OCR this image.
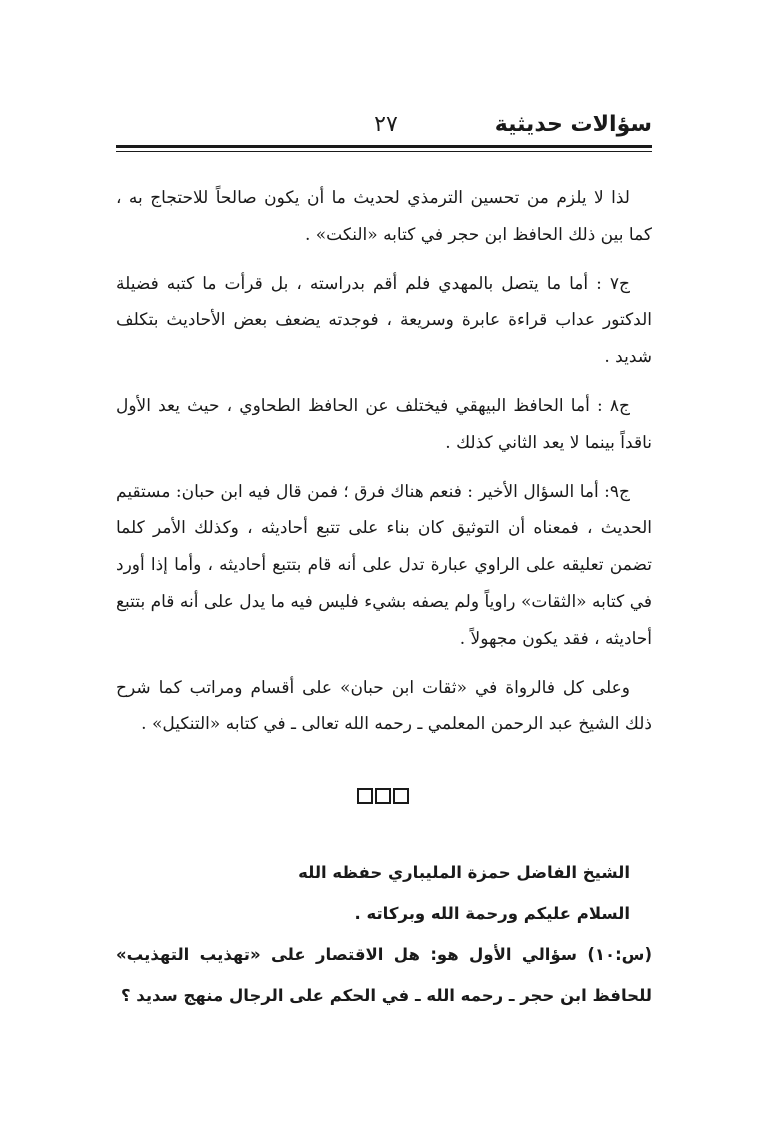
سؤالات حديثية
٢٧

لذا لا يلزم من تحسين الترمذي لحديث ما أن يكون صالحاً للاحتجاج به ، كما بين ذلك الحافظ ابن حجر في كتابه «النكت» .

ج٧ : أما ما يتصل بالمهدي فلم أقم بدراسته ، بل قرأت ما كتبه فضيلة الدكتور عداب قراءة عابرة وسريعة ، فوجدته يضعف بعض الأحاديث بتكلف شديد .

ج٨ : أما الحافظ البيهقي فيختلف عن الحافظ الطحاوي ، حيث يعد الأول ناقداً بينما لا يعد الثاني كذلك .

ج٩: أما السؤال الأخير : فنعم هناك فرق ؛ فمن قال فيه ابن حبان: مستقيم الحديث ، فمعناه أن التوثيق كان بناء على تتبع أحاديثه ، وكذلك الأمر كلما تضمن تعليقه على الراوي عبارة تدل على أنه قام بتتبع أحاديثه ، وأما إذا أورد في كتابه «الثقات» راوياً ولم يصفه بشيء فليس فيه ما يدل على أنه قام بتتبع أحاديثه ، فقد يكون مجهولاً .

وعلى كل فالرواة في «ثقات ابن حبان» على أقسام ومراتب كما شرح ذلك الشيخ عبد الرحمن المعلمي ـ رحمه الله تعالى ـ في كتابه «التنكيل» .

الشيخ الفاضل حمزة المليباري حفظه الله
السلام عليكم ورحمة الله وبركاته .
(س:١٠) سؤالي الأول هو: هل الاقتصار على «تهذيب التهذيب» للحافظ ابن حجر ـ رحمه الله ـ في الحكم على الرجال منهج سديد ؟
